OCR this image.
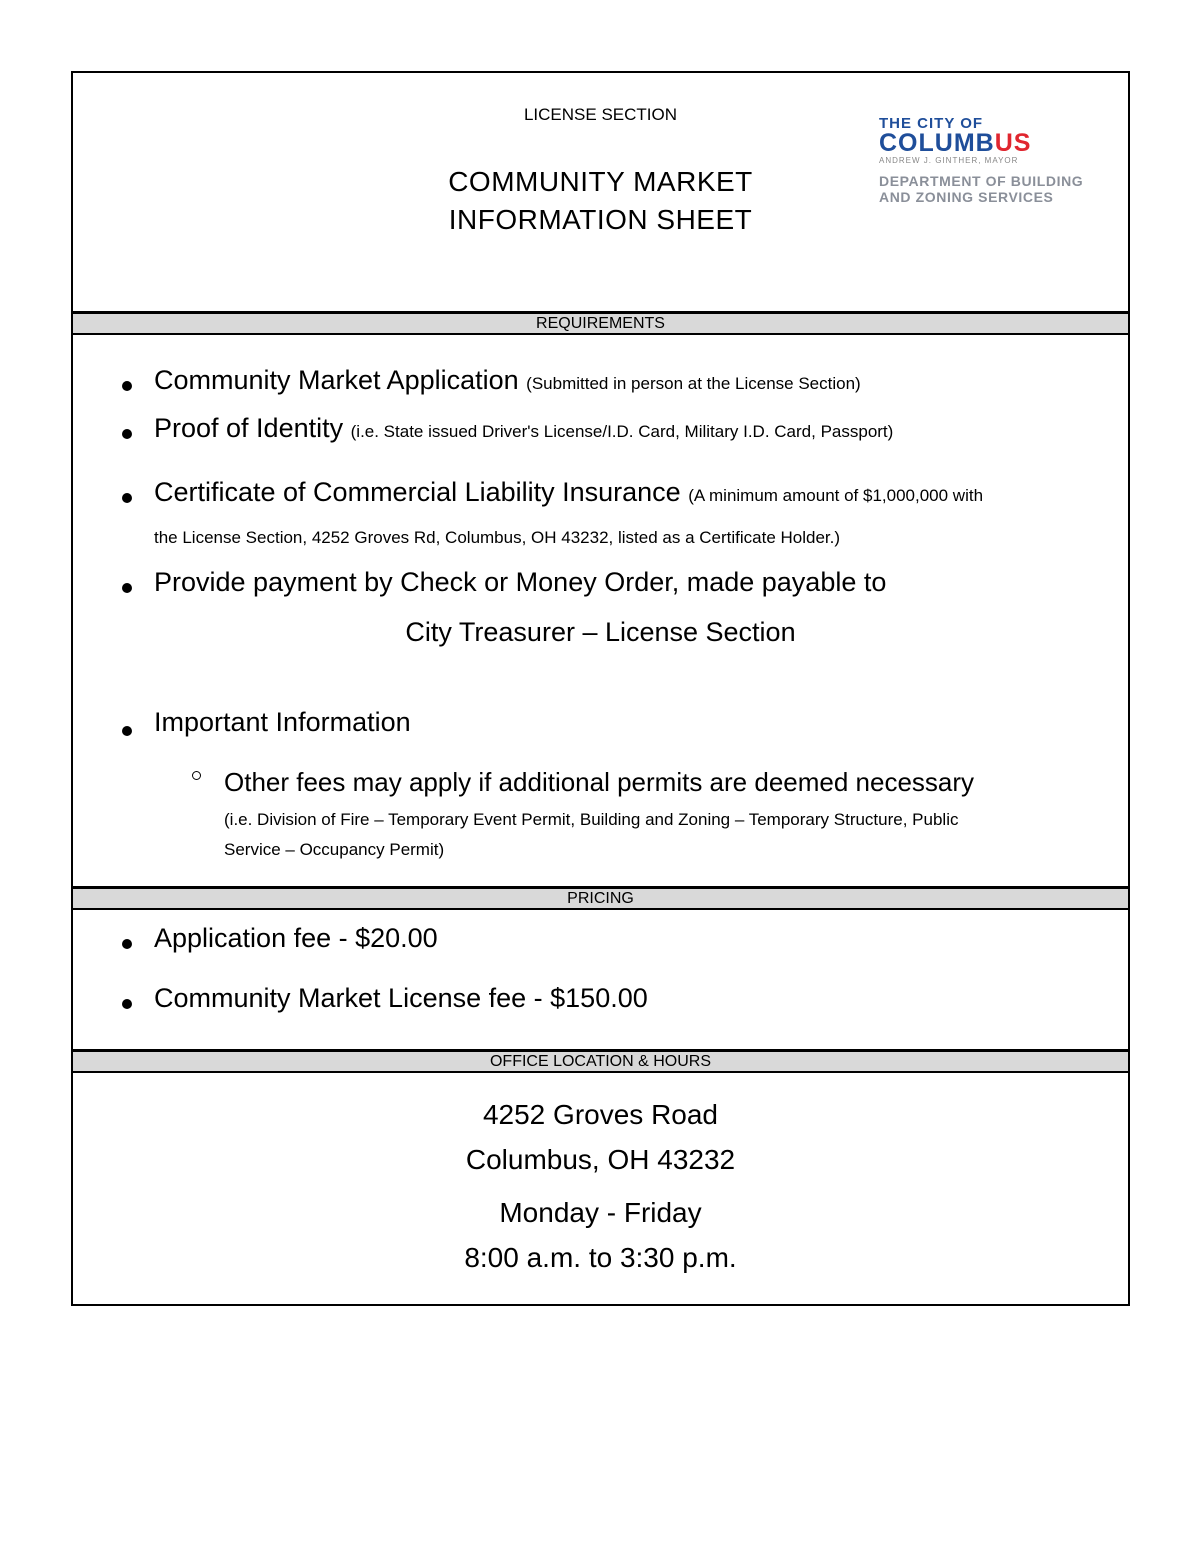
LICENSE SECTION
COMMUNITY MARKET
INFORMATION SHEET
THE CITY OF
COLUMBUS
ANDREW J. GINTHER, MAYOR
DEPARTMENT OF BUILDING
AND ZONING SERVICES
REQUIREMENTS
Community Market Application (Submitted in person at the License Section)
Proof of Identity (i.e. State issued Driver's License/I.D. Card, Military I.D. Card, Passport)
Certificate of Commercial Liability Insurance (A minimum amount of $1,000,000 with
the License Section, 4252 Groves Rd, Columbus, OH 43232, listed as a Certificate Holder.)
Provide payment by Check or Money Order, made payable to
City Treasurer – License Section
Important Information
Other fees may apply if additional permits are deemed necessary
(i.e. Division of Fire – Temporary Event Permit, Building and Zoning – Temporary Structure, Public
Service – Occupancy Permit)
PRICING
Application fee - $20.00
Community Market License fee - $150.00
OFFICE LOCATION & HOURS
4252 Groves Road
Columbus, OH 43232
Monday - Friday
8:00 a.m. to 3:30 p.m.
